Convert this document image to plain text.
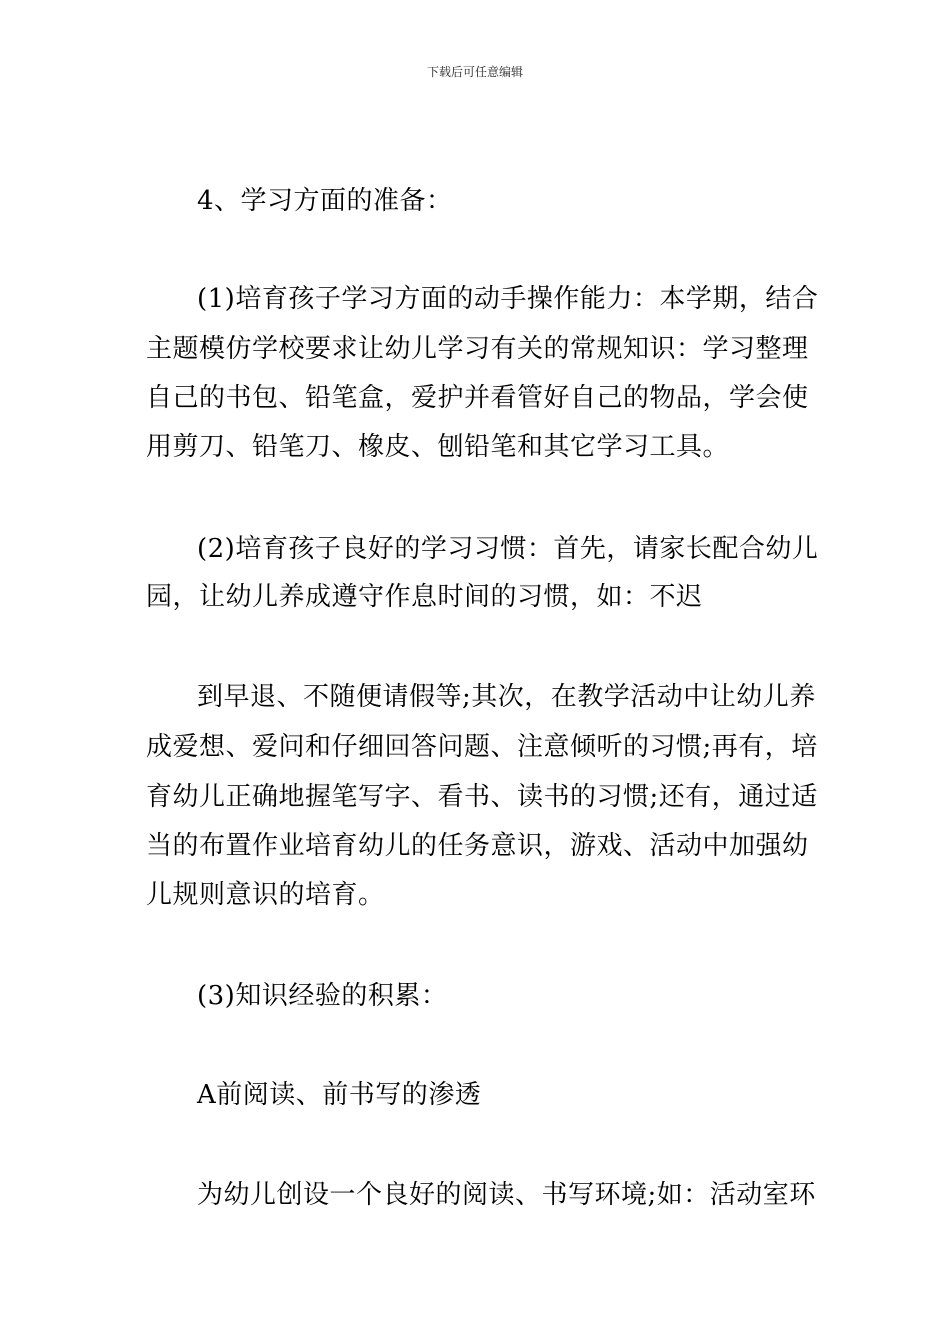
下载后可任意编辑
4、学习方面的准备：
(1)培育孩子学习方面的动手操作能力：本学期，结合
主题模仿学校要求让幼儿学习有关的常规知识：学习整理
自己的书包、铅笔盒，爱护并看管好自己的物品，学会使
用剪刀、铅笔刀、橡皮、刨铅笔和其它学习工具。
(2)培育孩子良好的学习习惯：首先，请家长配合幼儿
园，让幼儿养成遵守作息时间的习惯，如：不迟
到早退、不随便请假等;其次，在教学活动中让幼儿养
成爱想、爱问和仔细回答问题、注意倾听的习惯;再有，培
育幼儿正确地握笔写字、看书、读书的习惯;还有，通过适
当的布置作业培育幼儿的任务意识，游戏、活动中加强幼
儿规则意识的培育。
(3)知识经验的积累：
A前阅读、前书写的渗透
为幼儿创设一个良好的阅读、书写环境;如：活动室环
